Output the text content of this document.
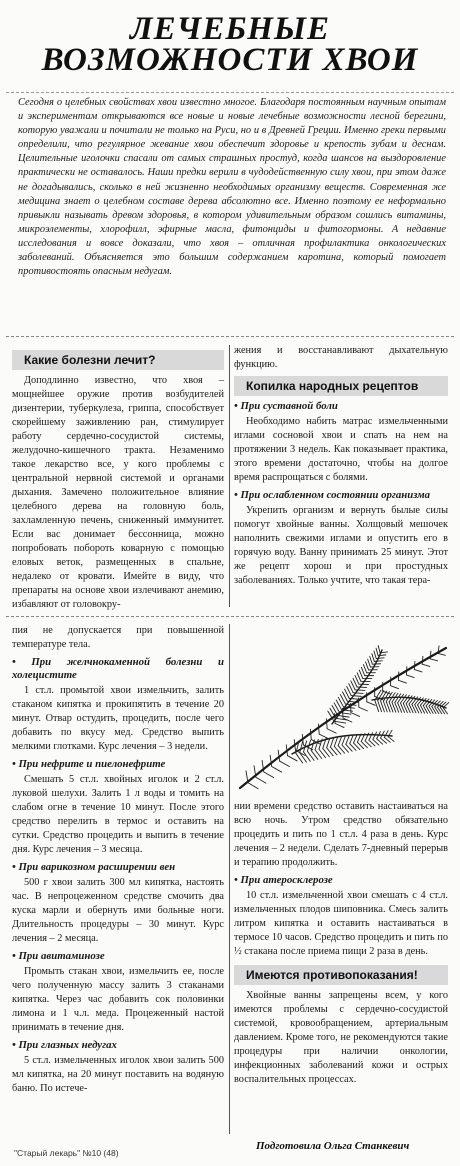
ЛЕЧЕБНЫЕ
ВОЗМОЖНОСТИ ХВОИ
Сегодня о целебных свойствах хвои известно многое. Благодаря постоянным научным опытам и экспериментам открываются все новые и новые лечебные возможности лесной берегини, которую уважали и почитали не только на Руси, но и в Древней Греции. Именно греки первыми определили, что регулярное жевание хвои обеспечит здоровье и крепость зубам и деснам. Целительные иголочки спасали от самых страшных простуд, когда шансов на выздоровление практически не оставалось. Наши предки верили в чудодейственную силу хвои, при этом даже не догадывались, сколько в ней жизненно необходимых организму веществ. Современная же медицина знает о целебном составе дерева абсолютно все. Именно поэтому ее неформально привыкли называть древом здоровья, в котором удивительным образом сошлись витамины, микроэлементы, хлорофилл, эфирные масла, фитонциды и фитогормоны. А недавние исследования и вовсе доказали, что хвоя – отличная профилактика онкологических заболеваний. Объясняется это большим содержанием каротина, который помогает противостоять опасным недугам.
Какие болезни лечит?

Доподлинно известно, что хвоя – мощнейшее оружие против возбудителей дизентерии, туберкулеза, гриппа, способствует скорейшему заживлению ран, стимулирует работу сердечно-сосудистой системы, желудочно-кишечного тракта. Незаменимо такое лекарство все, у кого проблемы с центральной нервной системой и органами дыхания. Замечено положительное влияние целебного дерева на головную боль, захламленную печень, сниженный иммунитет. Если вас донимает бессонница, можно попробовать побороть коварную с помощью еловых веток, размещенных в спальне, недалеко от кровати. Имейте в виду, что препараты на основе хвои излечивают анемию, избавляют от головокру-

жения и восстанавливают дыхательную функцию.

Копилка народных рецептов
• При суставной боли

Необходимо набить матрас измельченными иглами сосновой хвои и спать на нем на протяжении 3 недель. Как показывает практика, этого времени достаточно, чтобы на долгое время распрощаться с болями.

• При ослабленном состоянии организма

Укрепить организм и вернуть былые силы помогут хвойные ванны. Холщовый мешочек наполнить свежими иглами и опустить его в горячую воду. Ванну принимать 25 минут. Этот же рецепт хорош и при простудных заболеваниях. Только учтите, что такая тера-

пия не допускается при повышенной температуре тела.

• При желчнокаменной болезни и холецистите

1 ст.л. промытой хвои измельчить, залить стаканом кипятка и прокипятить в течение 20 минут. Отвар остудить, процедить, после чего добавить по вкусу мед. Средство выпить мелкими глотками. Курс лечения – 3 недели.

• При нефрите и пиелонефрите

Смешать 5 ст.л. хвойных иголок и 2 ст.л. луковой шелухи. Залить 1 л воды и томить на слабом огне в течение 10 минут. После этого средство перелить в термос и оставить на сутки. Средство процедить и выпить в течение дня. Курс лечения – 3 месяца.

• При варикозном расширении вен

500 г хвои залить 300 мл кипятка, настоять час. В непроцеженном средстве смочить два куска марли и обернуть ими больные ноги. Длительность процедуры – 30 минут. Курс лечения – 2 месяца.

• При авитаминозе

Промыть стакан хвои, измельчить ее, после чего полученную массу залить 3 стаканами кипятка. Через час добавить сок половинки лимона и 1 ч.л. меда. Процеженный настой принимать в течение дня.

• При глазных недугах

5 ст.л. измельченных иголок хвои залить 500 мл кипятка, на 20 минут поставить на водяную баню. По истече-

нии времени средство оставить настаиваться на всю ночь. Утром средство обязательно процедить и пить по 1 ст.л. 4 раза в день. Курс лечения – 2 недели. Сделать 7-дневный перерыв и терапию продолжить.

• При атеросклерозе

10 ст.л. измельченной хвои смешать с 4 ст.л. измельченных плодов шиповника. Смесь залить литром кипятка и оставить настаиваться в термосе 10 часов. Средство процедить и пить по ½ стакана после приема пищи 2 раза в день.

Имеются противопоказания!

Хвойные ванны запрещены всем, у кого имеются проблемы с сердечно-сосудистой системой, кровообращением, артериальным давлением. Кроме того, не рекомендуются такие процедуры при наличии онкологии, инфекционных заболеваний кожи и острых воспалительных процессах.

Подготовила Ольга Станкевич
"Старый лекарь" №10 (48)
